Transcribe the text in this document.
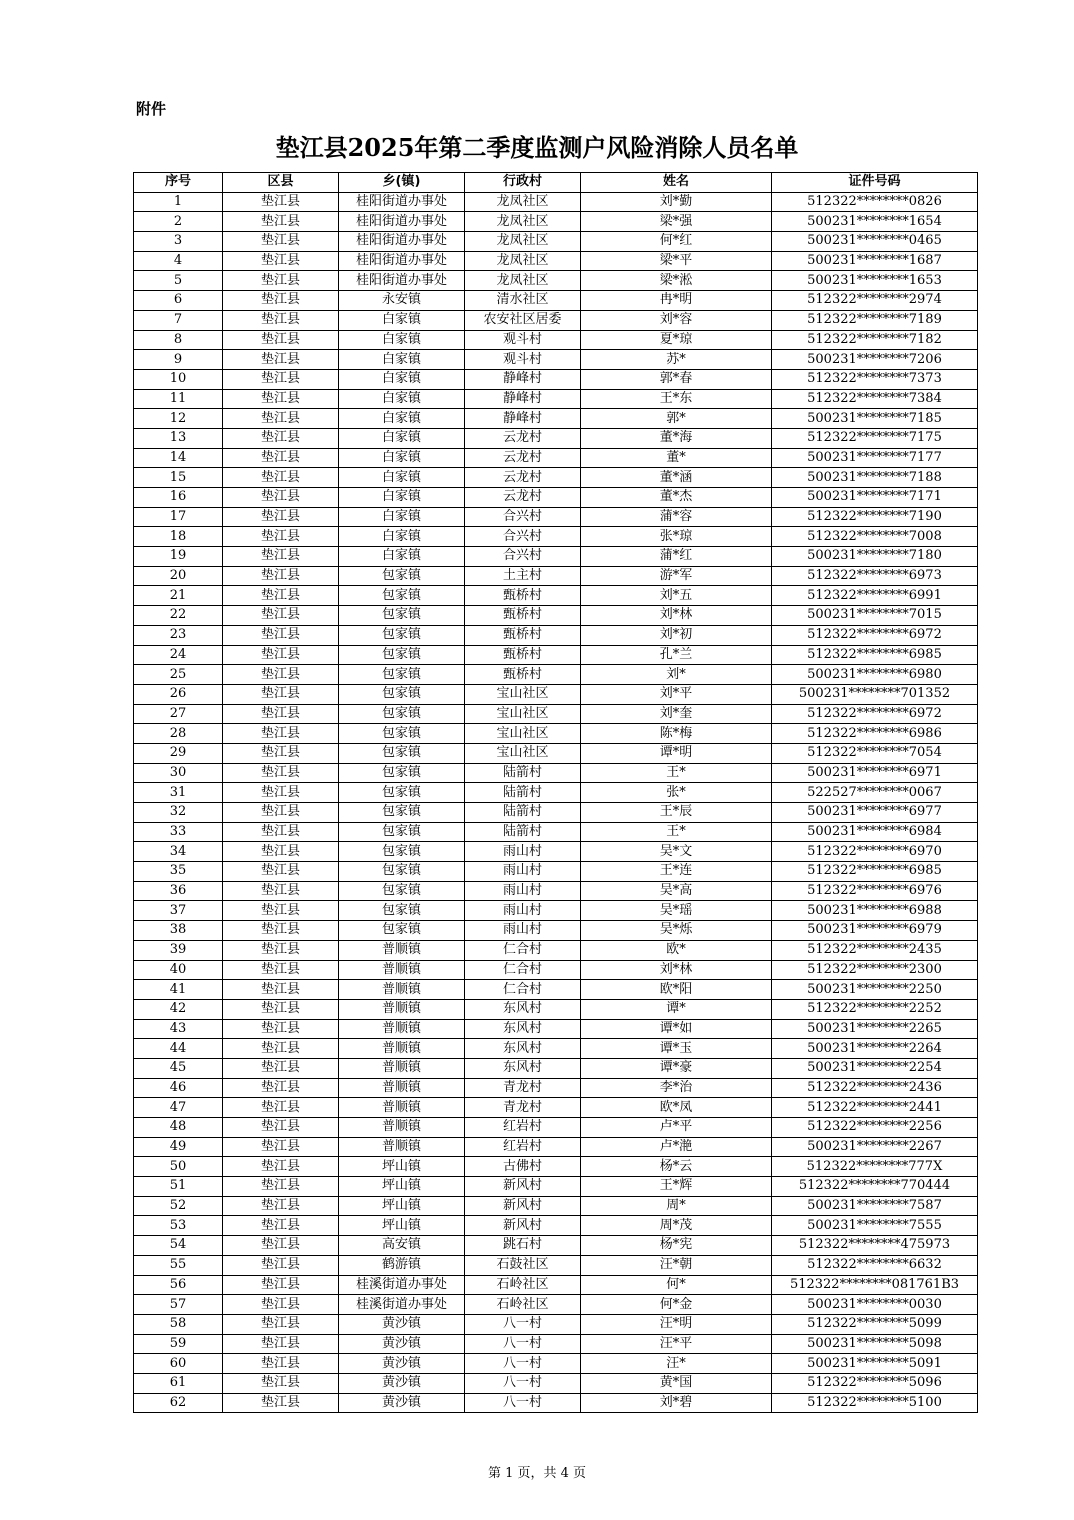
附件
垫江县2025年第二季度监测户风险消除人员名单
序号	区县	乡(镇)	行政村	姓名	证件号码
1	垫江县	桂阳街道办事处	龙凤社区	刘*勤	512322********0826
2	垫江县	桂阳街道办事处	龙凤社区	梁*强	500231********1654
3	垫江县	桂阳街道办事处	龙凤社区	何*红	500231********0465
4	垫江县	桂阳街道办事处	龙凤社区	梁*平	500231********1687
5	垫江县	桂阳街道办事处	龙凤社区	梁*淞	500231********1653
6	垫江县	永安镇	清水社区	冉*明	512322********2974
7	垫江县	白家镇	农安社区居委	刘*容	512322********7189
8	垫江县	白家镇	观斗村	夏*琼	512322********7182
9	垫江县	白家镇	观斗村	苏*	500231********7206
10	垫江县	白家镇	静峰村	郭*春	512322********7373
11	垫江县	白家镇	静峰村	王*东	512322********7384
12	垫江县	白家镇	静峰村	郭*	500231********7185
13	垫江县	白家镇	云龙村	董*海	512322********7175
14	垫江县	白家镇	云龙村	董*	500231********7177
15	垫江县	白家镇	云龙村	董*涵	500231********7188
16	垫江县	白家镇	云龙村	董*杰	500231********7171
17	垫江县	白家镇	合兴村	蒲*容	512322********7190
18	垫江县	白家镇	合兴村	张*琼	512322********7008
19	垫江县	白家镇	合兴村	蒲*红	500231********7180
20	垫江县	包家镇	土主村	游*军	512322********6973
21	垫江县	包家镇	甄桥村	刘*五	512322********6991
22	垫江县	包家镇	甄桥村	刘*林	500231********7015
23	垫江县	包家镇	甄桥村	刘*初	512322********6972
24	垫江县	包家镇	甄桥村	孔*兰	512322********6985
25	垫江县	包家镇	甄桥村	刘*	500231********6980
26	垫江县	包家镇	宝山社区	刘*平	500231********701352
27	垫江县	包家镇	宝山社区	刘*奎	512322********6972
28	垫江县	包家镇	宝山社区	陈*梅	512322********6986
29	垫江县	包家镇	宝山社区	谭*明	512322********7054
30	垫江县	包家镇	陆箭村	王*	500231********6971
31	垫江县	包家镇	陆箭村	张*	522527********0067
32	垫江县	包家镇	陆箭村	王*辰	500231********6977
33	垫江县	包家镇	陆箭村	王*	500231********6984
34	垫江县	包家镇	雨山村	吴*文	512322********6970
35	垫江县	包家镇	雨山村	王*连	512322********6985
36	垫江县	包家镇	雨山村	吴*高	512322********6976
37	垫江县	包家镇	雨山村	吴*瑶	500231********6988
38	垫江县	包家镇	雨山村	吴*烁	500231********6979
39	垫江县	普顺镇	仁合村	欧*	512322********2435
40	垫江县	普顺镇	仁合村	刘*林	512322********2300
41	垫江县	普顺镇	仁合村	欧*阳	500231********2250
42	垫江县	普顺镇	东风村	谭*	512322********2252
43	垫江县	普顺镇	东风村	谭*如	500231********2265
44	垫江县	普顺镇	东风村	谭*玉	500231********2264
45	垫江县	普顺镇	东风村	谭*豪	500231********2254
46	垫江县	普顺镇	青龙村	李*治	512322********2436
47	垫江县	普顺镇	青龙村	欧*凤	512322********2441
48	垫江县	普顺镇	红岩村	卢*平	512322********2256
49	垫江县	普顺镇	红岩村	卢*滟	500231********2267
50	垫江县	坪山镇	古佛村	杨*云	512322********777X
51	垫江县	坪山镇	新风村	王*辉	512322********770444
52	垫江县	坪山镇	新风村	周*	500231********7587
53	垫江县	坪山镇	新风村	周*茂	500231********7555
54	垫江县	高安镇	跳石村	杨*宪	512322********475973
55	垫江县	鹤游镇	石鼓社区	汪*朝	512322********6632
56	垫江县	桂溪街道办事处	石岭社区	何*	512322********081761B3
57	垫江县	桂溪街道办事处	石岭社区	何*金	500231********0030
58	垫江县	黄沙镇	八一村	汪*明	512322********5099
59	垫江县	黄沙镇	八一村	汪*平	500231********5098
60	垫江县	黄沙镇	八一村	汪*	500231********5091
61	垫江县	黄沙镇	八一村	黄*国	512322********5096
62	垫江县	黄沙镇	八一村	刘*碧	512322********5100
第 1 页，共 4 页
